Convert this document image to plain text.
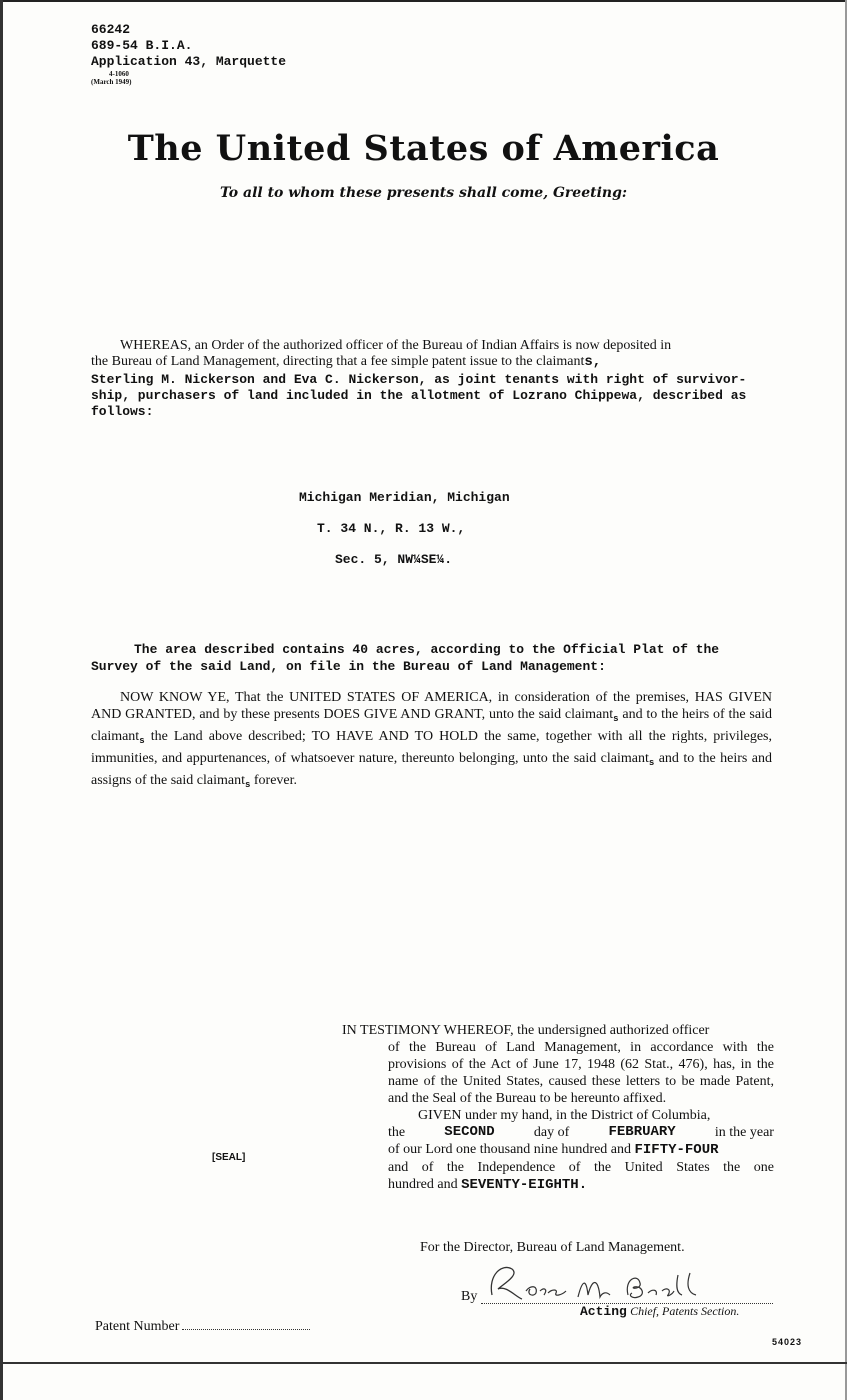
66242
689-54 B.I.A.
Application 43, Marquette
4-1060
(March 1949)
The United States of America
To all to whom these presents shall come, Greeting:
WHEREAS, an Order of the authorized officer of the Bureau of Indian Affairs is now deposited in
the Bureau of Land Management, directing that a fee simple patent issue to the claimants,
Sterling M. Nickerson and Eva C. Nickerson, as joint tenants with right of survivor-ship, purchasers of land included in the allotment of Lozrano Chippewa, described as follows:
Michigan Meridian, Michigan
T. 34 N., R. 13 W.,
Sec. 5, NW¼SE¼.
The area described contains 40 acres, according to the Official Plat of the Survey of the said Land, on file in the Bureau of Land Management:
NOW KNOW YE, That the UNITED STATES OF AMERICA, in consideration of the premises, HAS GIVEN AND GRANTED, and by these presents DOES GIVE AND GRANT, unto the said claimant$_s$ and to the heirs of the said claimant$_s$ the Land above described; TO HAVE AND TO HOLD the same, together with all the rights, privileges, immunities, and appurtenances, of whatsoever nature, thereunto belonging, unto the said claimant$_s$ and to the heirs and assigns of the said claimant$_s$ forever.
IN TESTIMONY WHEREOF, the undersigned authorized officer
of the Bureau of Land Management, in accordance with the provisions of the Act of June 17, 1948 (62 Stat., 476), has, in the name of the United States, caused these letters to be made Patent, and the Seal of the Bureau to be hereunto affixed.
GIVEN under my hand, in the District of Columbia,
the	SECOND	day of	FEBRUARY	in the year
of our Lord one thousand nine hundred and FIFTY-FOUR
and of the Independence of the United States the one
hundred and SEVENTY-EIGHTH.
[SEAL]
For the Director, Bureau of Land Management.
By
Acting Chief, Patents Section.
Patent Number
54023
